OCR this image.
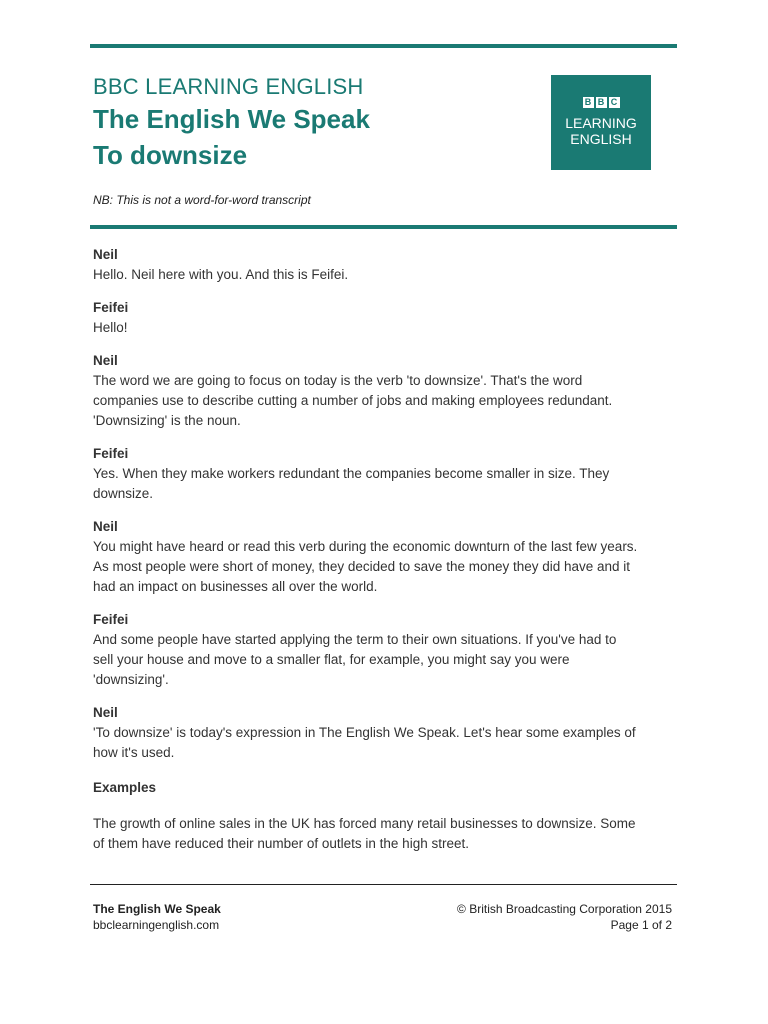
BBC LEARNING ENGLISH
The English We Speak
To downsize
B B C
LEARNING
ENGLISH
NB: This is not a word-for-word transcript
Neil

Hello. Neil here with you. And this is Feifei.

Feifei

Hello!

Neil

The word we are going to focus on today is the verb 'to downsize'. That's the word

companies use to describe cutting a number of jobs and making employees redundant.

'Downsizing' is the noun.

Feifei

Yes. When they make workers redundant the companies become smaller in size. They

downsize.

Neil

You might have heard or read this verb during the economic downturn of the last few years.

As most people were short of money, they decided to save the money they did have and it

had an impact on businesses all over the world.

Feifei

And some people have started applying the term to their own situations. If you've had to

sell your house and move to a smaller flat, for example, you might say you were

'downsizing'.

Neil

'To downsize' is today's expression in The English We Speak. Let's hear some examples of

how it's used.

Examples

The growth of online sales in the UK has forced many retail businesses to downsize. Some

of them have reduced their number of outlets in the high street.

The English We Speak
bbclearningenglish.com
© British Broadcasting Corporation 2015
Page 1 of 2
